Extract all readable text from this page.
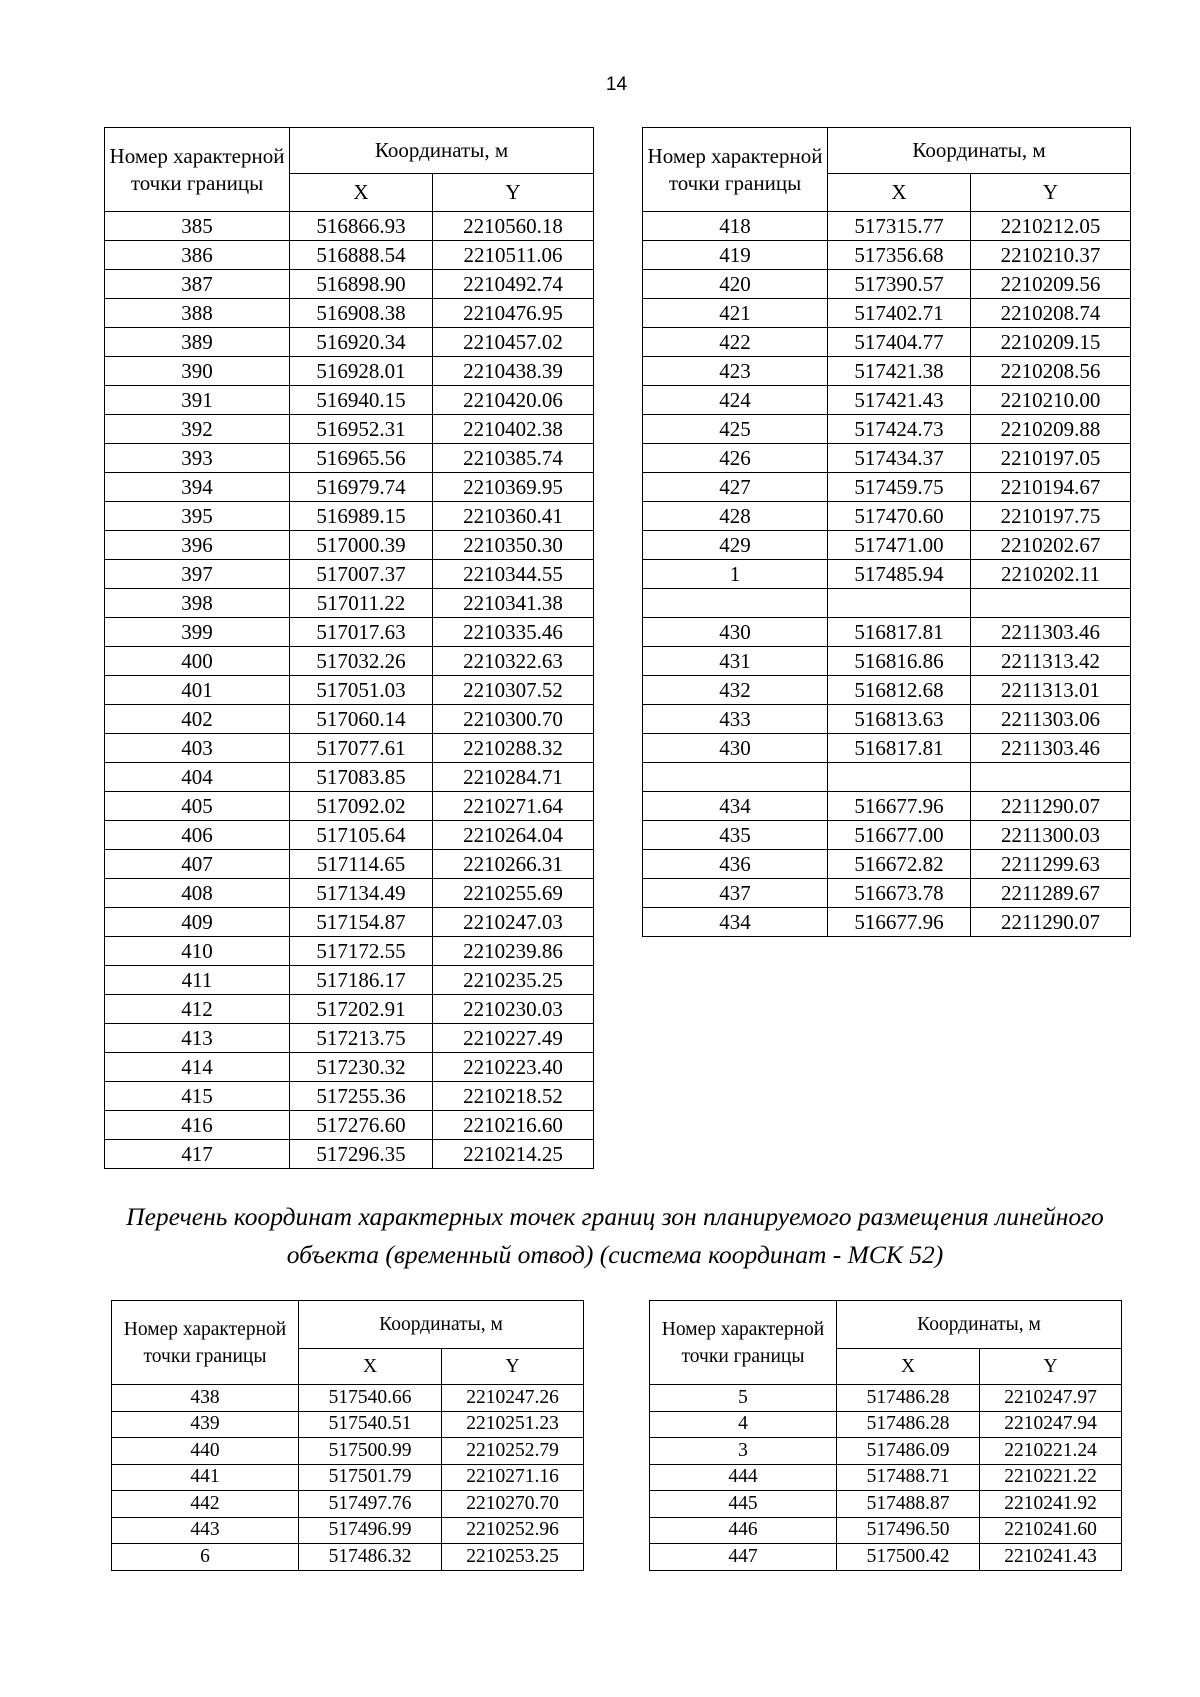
14
Номер характерной точки границы	Координаты, м	
	X	Y
385	516866.93	2210560.18
386	516888.54	2210511.06
387	516898.90	2210492.74
388	516908.38	2210476.95
389	516920.34	2210457.02
390	516928.01	2210438.39
391	516940.15	2210420.06
392	516952.31	2210402.38
393	516965.56	2210385.74
394	516979.74	2210369.95
395	516989.15	2210360.41
396	517000.39	2210350.30
397	517007.37	2210344.55
398	517011.22	2210341.38
399	517017.63	2210335.46
400	517032.26	2210322.63
401	517051.03	2210307.52
402	517060.14	2210300.70
403	517077.61	2210288.32
404	517083.85	2210284.71
405	517092.02	2210271.64
406	517105.64	2210264.04
407	517114.65	2210266.31
408	517134.49	2210255.69
409	517154.87	2210247.03
410	517172.55	2210239.86
411	517186.17	2210235.25
412	517202.91	2210230.03
413	517213.75	2210227.49
414	517230.32	2210223.40
415	517255.36	2210218.52
416	517276.60	2210216.60
417	517296.35	2210214.25
Номер характерной точки границы	Координаты, м	
	X	Y
418	517315.77	2210212.05
419	517356.68	2210210.37
420	517390.57	2210209.56
421	517402.71	2210208.74
422	517404.77	2210209.15
423	517421.38	2210208.56
424	517421.43	2210210.00
425	517424.73	2210209.88
426	517434.37	2210197.05
427	517459.75	2210194.67
428	517470.60	2210197.75
429	517471.00	2210202.67
1	517485.94	2210202.11

430	516817.81	2211303.46
431	516816.86	2211313.42
432	516812.68	2211313.01
433	516813.63	2211303.06
430	516817.81	2211303.46

434	516677.96	2211290.07
435	516677.00	2211300.03
436	516672.82	2211299.63
437	516673.78	2211289.67
434	516677.96	2211290.07
Перечень координат характерных точек границ зон планируемого размещения линейного объекта (временный отвод) (система координат - МСК 52)
Номер характерной точки границы	Координаты, м	
	X	Y
438	517540.66	2210247.26
439	517540.51	2210251.23
440	517500.99	2210252.79
441	517501.79	2210271.16
442	517497.76	2210270.70
443	517496.99	2210252.96
6	517486.32	2210253.25
Номер характерной точки границы	Координаты, м	
	X	Y
5	517486.28	2210247.97
4	517486.28	2210247.94
3	517486.09	2210221.24
444	517488.71	2210221.22
445	517488.87	2210241.92
446	517496.50	2210241.60
447	517500.42	2210241.43
